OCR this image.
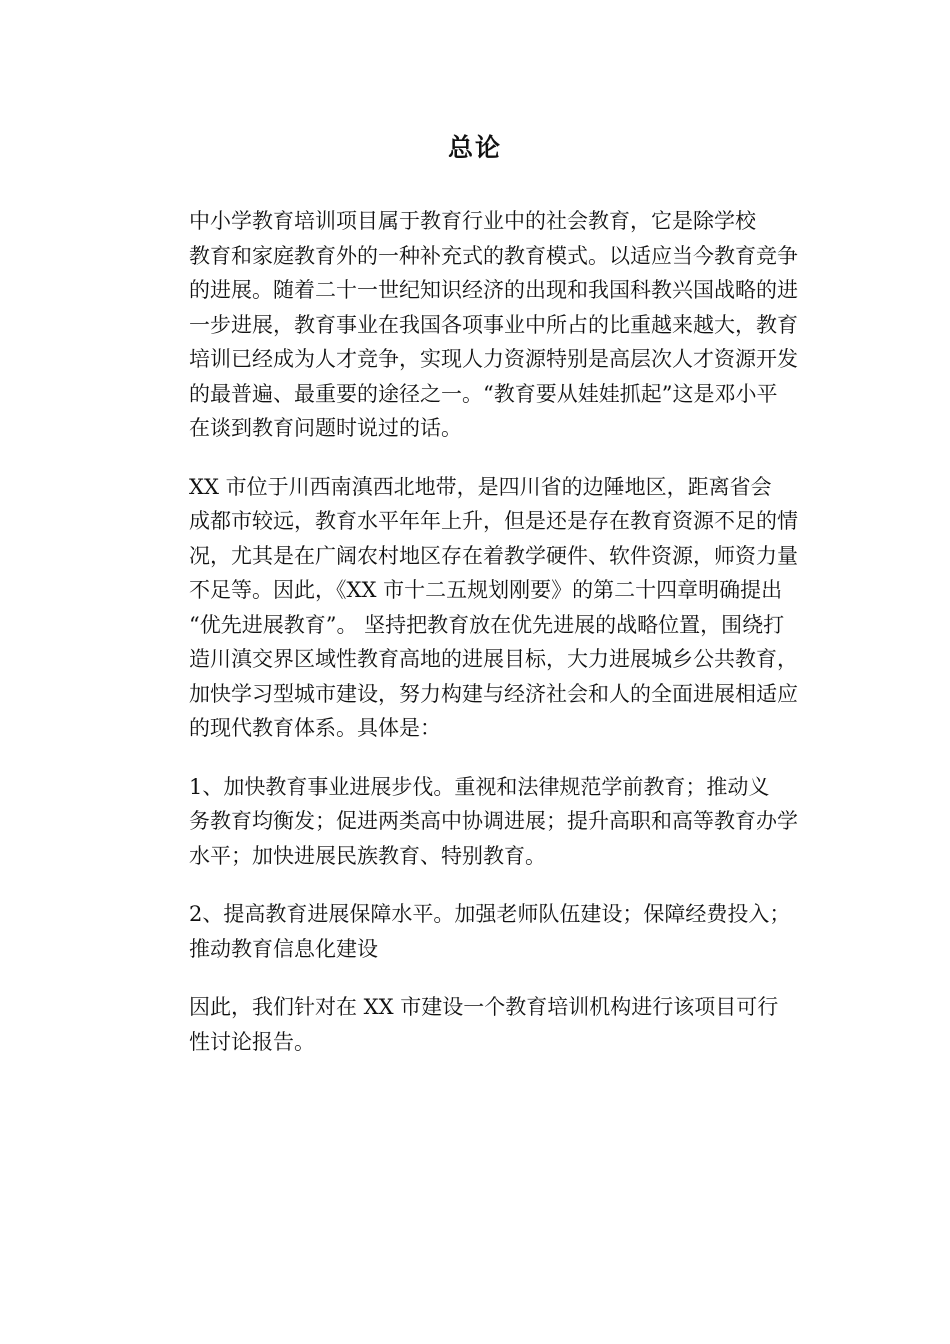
总论

中小学教育培训项目属于教育行业中的社会教育，它是除学校
教育和家庭教育外的一种补充式的教育模式。以适应当今教育竞争
的进展。随着二十一世纪知识经济的出现和我国科教兴国战略的进
一步进展，教育事业在我国各项事业中所占的比重越来越大，教育
培训已经成为人才竞争，实现人力资源特别是高层次人才资源开发
的最普遍、最重要的途径之一。“教育要从娃娃抓起”这是邓小平
在谈到教育问题时说过的话。

XX 市位于川西南滇西北地带，是四川省的边陲地区，距离省会
成都市较远，教育水平年年上升，但是还是存在教育资源不足的情
况，尤其是在广阔农村地区存在着教学硬件、软件资源，师资力量
不足等。因此，《XX 市十二五规划刚要》的第二十四章明确提出
“优先进展教育”。 坚持把教育放在优先进展的战略位置，围绕打
造川滇交界区域性教育高地的进展目标，大力进展城乡公共教育，
加快学习型城市建设，努力构建与经济社会和人的全面进展相适应
的现代教育体系。具体是：

1、加快教育事业进展步伐。重视和法律规范学前教育；推动义
务教育均衡发；促进两类高中协调进展；提升高职和高等教育办学
水平；加快进展民族教育、特别教育。

2、提高教育进展保障水平。加强老师队伍建设；保障经费投入；
推动教育信息化建设

因此，我们针对在 XX 市建设一个教育培训机构进行该项目可行
性讨论报告。
